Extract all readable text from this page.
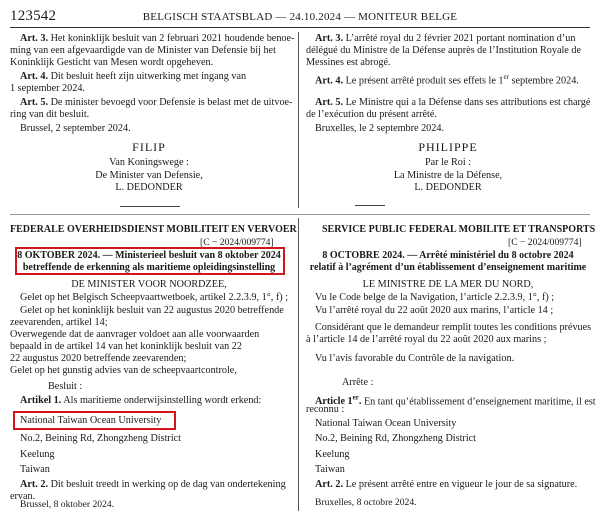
123542	BELGISCH STAATSBLAD — 24.10.2024 — MONITEUR BELGE
Art. 3. Het koninklijk besluit van 2 februari 2021 houdende benoe-
ming van een afgevaardigde van de Minister van Defensie bij het
Koninklijk Gesticht van Mesen wordt opgeheven.
Art. 4. Dit besluit heeft zijn uitwerking met ingang van
1 september 2024.
Art. 5. De minister bevoegd voor Defensie is belast met de uitvoe-
ring van dit besluit.
Brussel, 2 september 2024.
FILIP
Van Koningswege :
De Minister van Defensie,
L. DEDONDER
Art. 3. L’arrêté royal du 2 février 2021 portant nomination d’un
délégué du Ministre de la Défense auprès de l’Institution Royale de
Messines est abrogé.
Art. 4. Le présent arrêté produit ses effets le 1er septembre 2024.
Art. 5. Le Ministre qui a la Défense dans ses attributions est chargé
de l’exécution du présent arrêté.
Bruxelles, le 2 septembre 2024.
PHILIPPE
Par le Roi :
La Ministre de la Défense,
L. DEDONDER
FEDERALE OVERHEIDSDIENST MOBILITEIT EN VERVOER
[C − 2024/009774]
8 OKTOBER 2024. — Ministerieel besluit van 8 oktober 2024
betreffende de erkenning als maritieme opleidingsinstelling
DE MINISTER VOOR NOORDZEE,
Gelet op het Belgisch Scheepvaartwetboek, artikel 2.2.3.9, 1°, f) ;
Gelet op het koninklijk besluit van 22 augustus 2020 betreffende
zeevarenden, artikel 14;
Overwegende dat de aanvrager voldoet aan alle voorwaarden
bepaald in de artikel 14 van het koninklijk besluit van 22
22 augustus 2020 betreffende zeevarenden;
Gelet op het gunstig advies van de scheepvaartcontrole,
Besluit :
Artikel 1. Als maritieme onderwijsinstelling wordt erkend:
National Taiwan Ocean University
No.2, Beining Rd, Zhongzheng District
Keelung
Taiwan
Art. 2. Dit besluit treedt in werking op de dag van ondertekening
ervan.
Brussel, 8 oktober 2024.
SERVICE PUBLIC FEDERAL MOBILITE ET TRANSPORTS
[C − 2024/009774]
8 OCTOBRE 2024. — Arrêté ministériel du 8 octobre 2024
relatif à l’agrément d’un établissement d’enseignement maritime
LE MINISTRE DE LA MER DU NORD,
Vu le Code belge de la Navigation, l’article 2.2.3.9, 1°, f) ;
Vu l’arrêté royal du 22 août 2020 aux marins, l’article 14 ;
Considérant que le demandeur remplit toutes les conditions prévues
à l’article 14 de l’arrêté royal du 22 août 2020 aux marins ;
Vu l’avis favorable du Contrôle de la navigation.
Arrête :
Article 1er. En tant qu’établissement d’enseignement maritime, il est
reconnu :
National Taiwan Ocean University
No.2, Beining Rd, Zhongzheng District
Keelung
Taiwan
Art. 2. Le présent arrêté entre en vigueur le jour de sa signature.
Bruxelles, 8 octobre 2024.
